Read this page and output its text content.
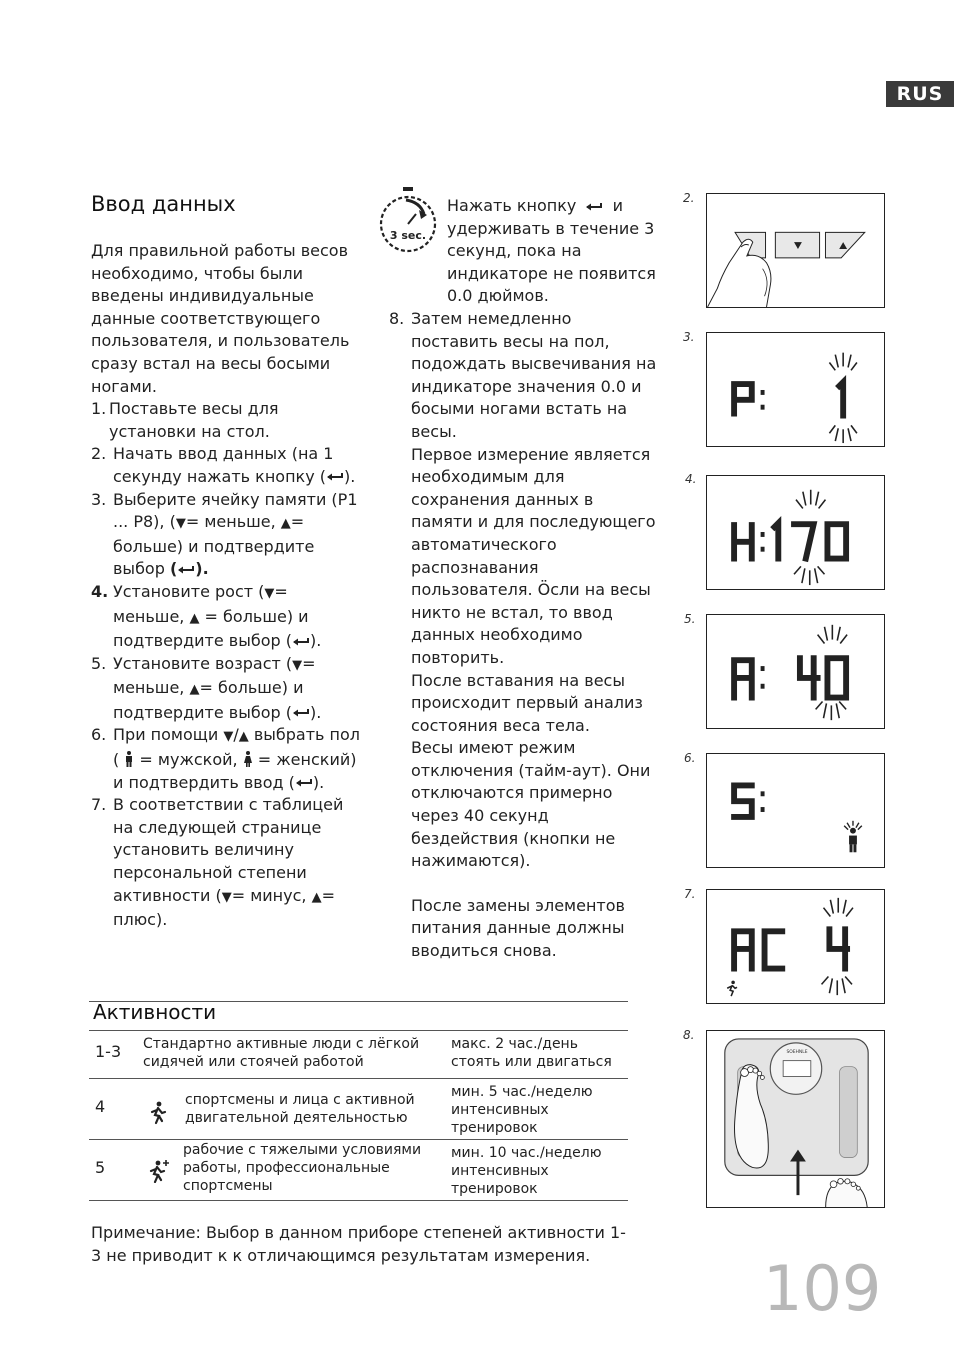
RUS
Ввод данных

Для правильной работы весов необходимо, чтобы были введены индивидуальные данные соответствующего пользователя, и пользователь сразу встал на весы босыми ногами.

1. Поставьте весы для установки на стол.
2. Начать ввод данных (на 1 секунду нажать кнопку ( ).
3. Выберите ячейку памяти (P1 ... P8), (▼= меньше, ▲= больше) и подтвердите выбор ( ).
4. Установите рост (▼= меньше, ▲ = больше) и подтвердите выбор ( ).
5. Установите возраст (▼= меньше, ▲= больше) и подтвердите выбор ( ).
6. При помощи ▼/▲ выбрать пол (  = мужской,  = женский) и подтвердить ввод ( ).
7. В соответствии с таблицей на следующей странице установить величину персональной степени активности (▼= минус, ▲= плюс).
3 sec.
Нажать кнопку  и удерживать в течение 3 секунд, пока на индикаторе не появится 0.0 дюймов.
8. Затем немедленно поставить весы на пол, подождать высвечивания на индикаторе значения 0.0 и босыми ногами встать на весы.

Первое измерение является необходимым для сохранения данных в памяти и для последующего автоматического распознавания пользователя. Öсли на весы никто не встал, то ввод данных необходимо повторить.

После вставания на весы происходит первый анализ состояния веса тела.

Весы имеют режим отключения (тайм-аут). Они отключаются примерно через 40 секунд бездействия (кнопки не нажимаются).

После замены элементов питания данные должны вводиться снова.

1-3 Стандартно активные люди с лёгкой сидячей или стоячей работой
макс. 2 час./день стоять или двигаться
4	спортсмены и лица с активной двигательной деятельностью
мин. 5 час./неделю интенсивных тренировок
5
рабочие с тяжелыми условиями работы, профессиональные спортсмены
мин. 10 час./неделю интенсивных тренировок
Активности

Примечание: Выбор в данном приборе степеней активности 1-3 не приводит к к отличающимся результатам измерения.	109
2.
3.
4.
5.
6.
7.
8.
SOEHNLE
